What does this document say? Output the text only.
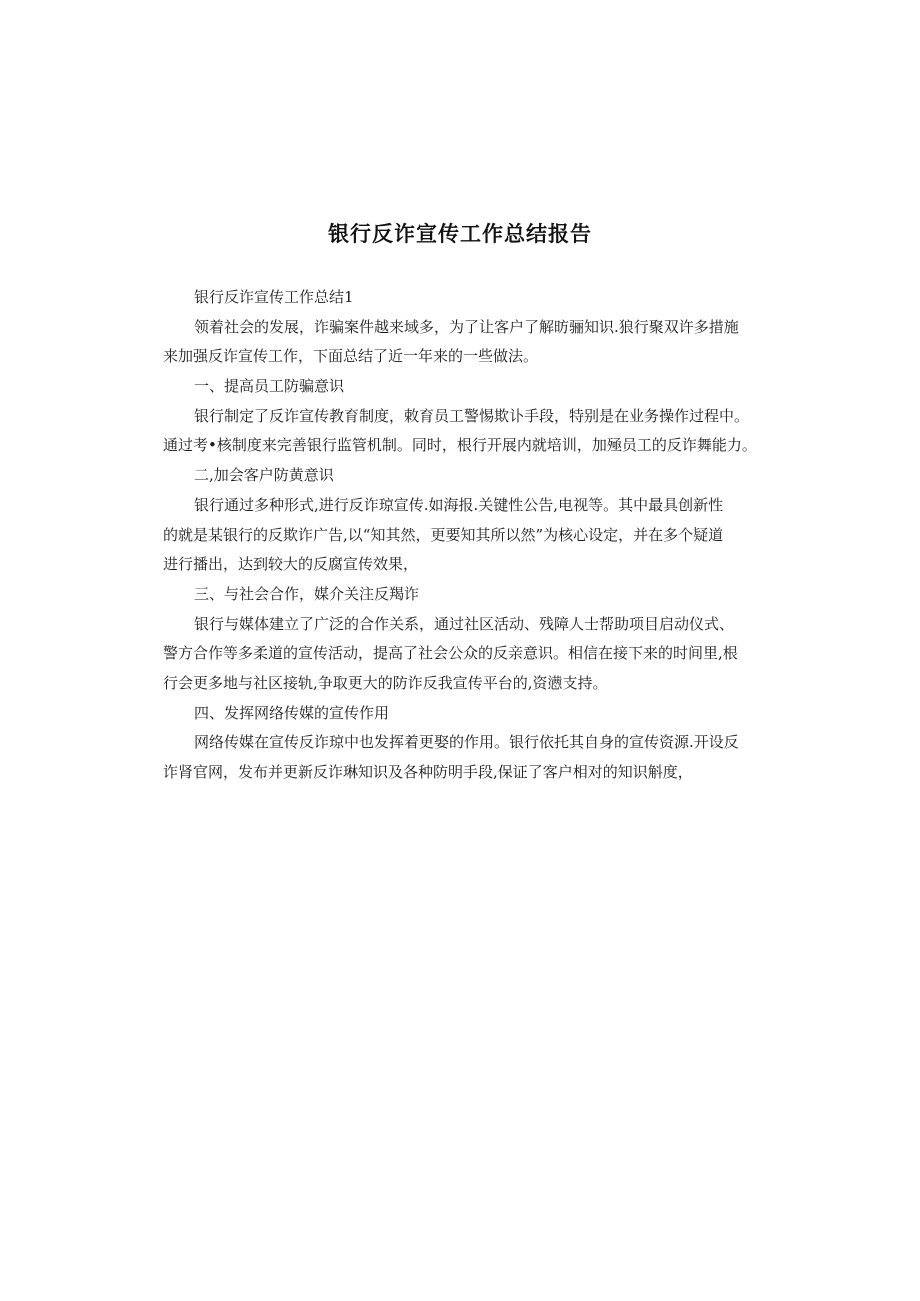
银行反诈宣传工作总结报告
银行反诈宣传工作总结1
领着社会的发展，诈骗案件越来域多，为了让客户了解昉骊知识.狼行聚双许多措施
来加强反诈宣传工作，下面总结了近一年来的一些做法。
一、提高员工防骗意识
银行制定了反诈宣传教育制度，敕育员工警惕欺讣手段，特别是在业务操作过程中。
通过考•核制度来完善银行监管机制。同时，根行开展内就培训，加殛员工的反诈舞能力。
二,加会客户防黄意识
银行通过多种形式,进行反诈琼宣传.如海报.关键性公告,电视等。其中最具创新性
的就是某银行的反欺诈广告,以“知其然，更要知其所以然”为核心设定，并在多个疑道
进行播出，达到较大的反腐宣传效果，
三、与社会合作，媒介关注反羯诈
银行与媒体建立了广泛的合作关系，通过社区活动、残障人士帮助项目启动仪式、
警方合作等多柔道的宣传活动，提高了社会公众的反亲意识。相信在接下来的时间里,根
行会更多地与社区接轨,争取更大的防诈反我宣传平台的,资懑支持。
四、发挥网络传媒的宣传作用
网络传媒在宣传反诈琼中也发挥着更娶的作用。银行依托其自身的宣传资源.开设反
诈肾官网，发布并更新反诈琳知识及各种防明手段,保证了客户相对的知识斛度，
